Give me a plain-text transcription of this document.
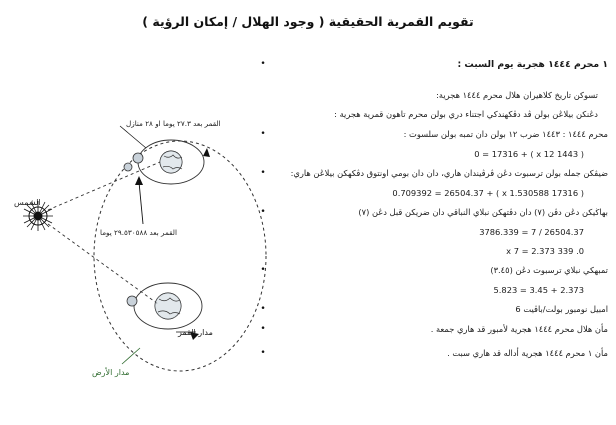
تقويم القمرية الحقيقية ( وجود الهلال / إمكان الرؤية )
الشمس
القمر بعد ٢٧.٣ يوما او ٢٨ منازل
القمر بعد ٢٩.٥٣٠٥٨٨ يوما
مدار القمر
مدار الأرض
•	١ محرم ١٤٤٤ هجرية يوم السبت :
تسوكن تاريخ كلاهيران هلال محرم ١٤٤٤ هجرية:
دڠنكن بيلاڠن بولن ڤد دڤكهندكي اجتناء دري بولن محرم تاهون قمرية هجرية :
•	محرم ١٤٤٤ : ١٤٤٣ ضرب ١٢ بولن دان تمبه بولن سلسوت :
( 1443 x 12 ) + 0 = 17316
•	ضيڤكن جمله بولن ترسبوت دڠن ڤرڤيندان هاري، دان دان بومي اونتوق دڤكهكن بيلاڠن هاري:
( 17316 x 1.530588 ) + 0.709392 = 26504.37
•	بهاڬيكن دڠن دڤن (٧) دان دڤتهكن نبلاي النباقي دان ضريكن قبل دڠن (٧)
26504.37 / 7 = 3786.339
0. 339 x 7 = 2.373
•	تمبهكي نبلاي ترسبوت دڠن (٣.٤٥)
2.373 + 3.45 = 5.823
•	امبيل نومبور بولت/باڤيت 6
•	مأن هلال محرم ١٤٤٤ هجرية لأمبور قد هاري جمعة .
•	مأن ١ محرم ١٤٤٤ هجرية أداله قد هاري سبت .
